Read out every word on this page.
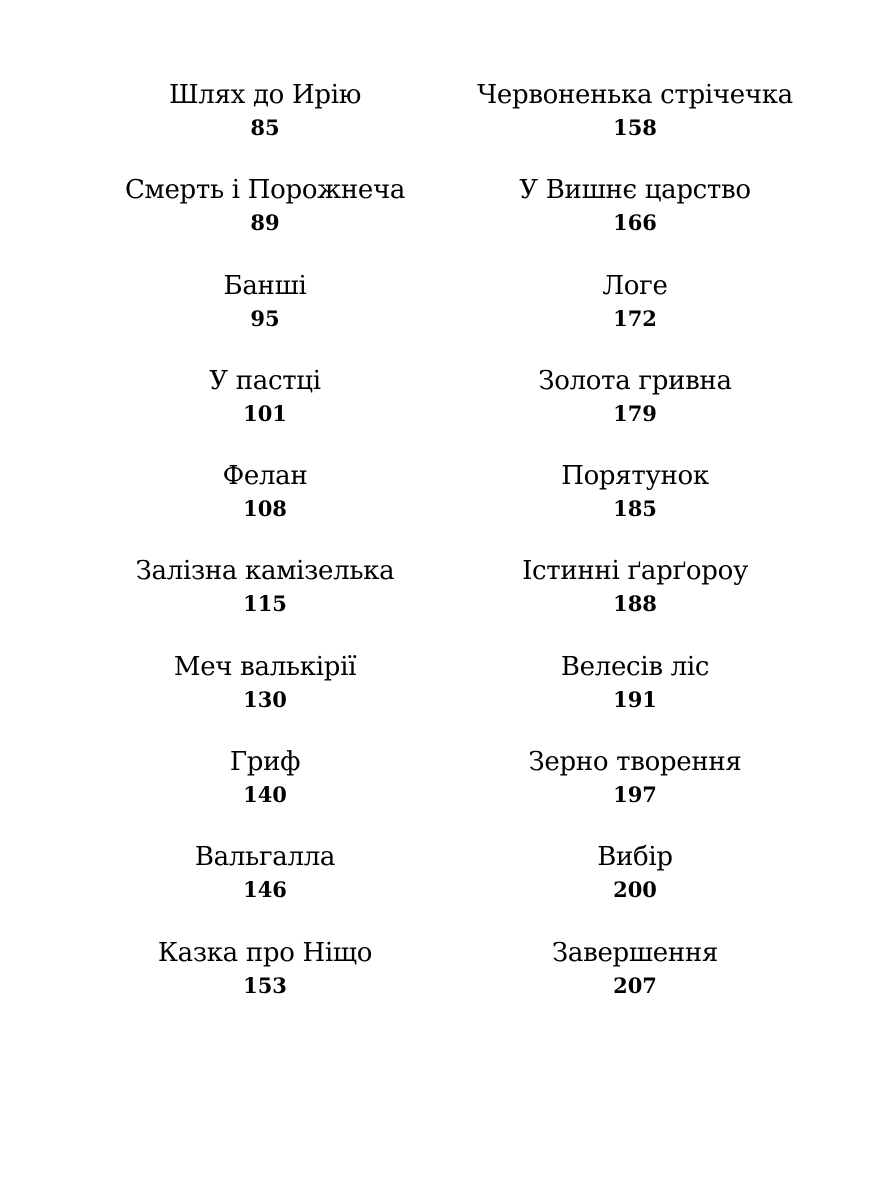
Шлях до Ирію
85
Смерть і Порожнеча
89
Банші
95
У пастці
101
Фелан
108
Залізна камізелька
115
Меч валькірії
130
Гриф
140
Вальгалла
146
Казка про Ніщо
153
Червоненька стрічечка
158
У Вишнє царство
166
Логе
172
Золота гривна
179
Порятунок
185
Істинні ґарґороу
188
Велесів ліс
191
Зерно творення
197
Вибір
200
Завершення
207
